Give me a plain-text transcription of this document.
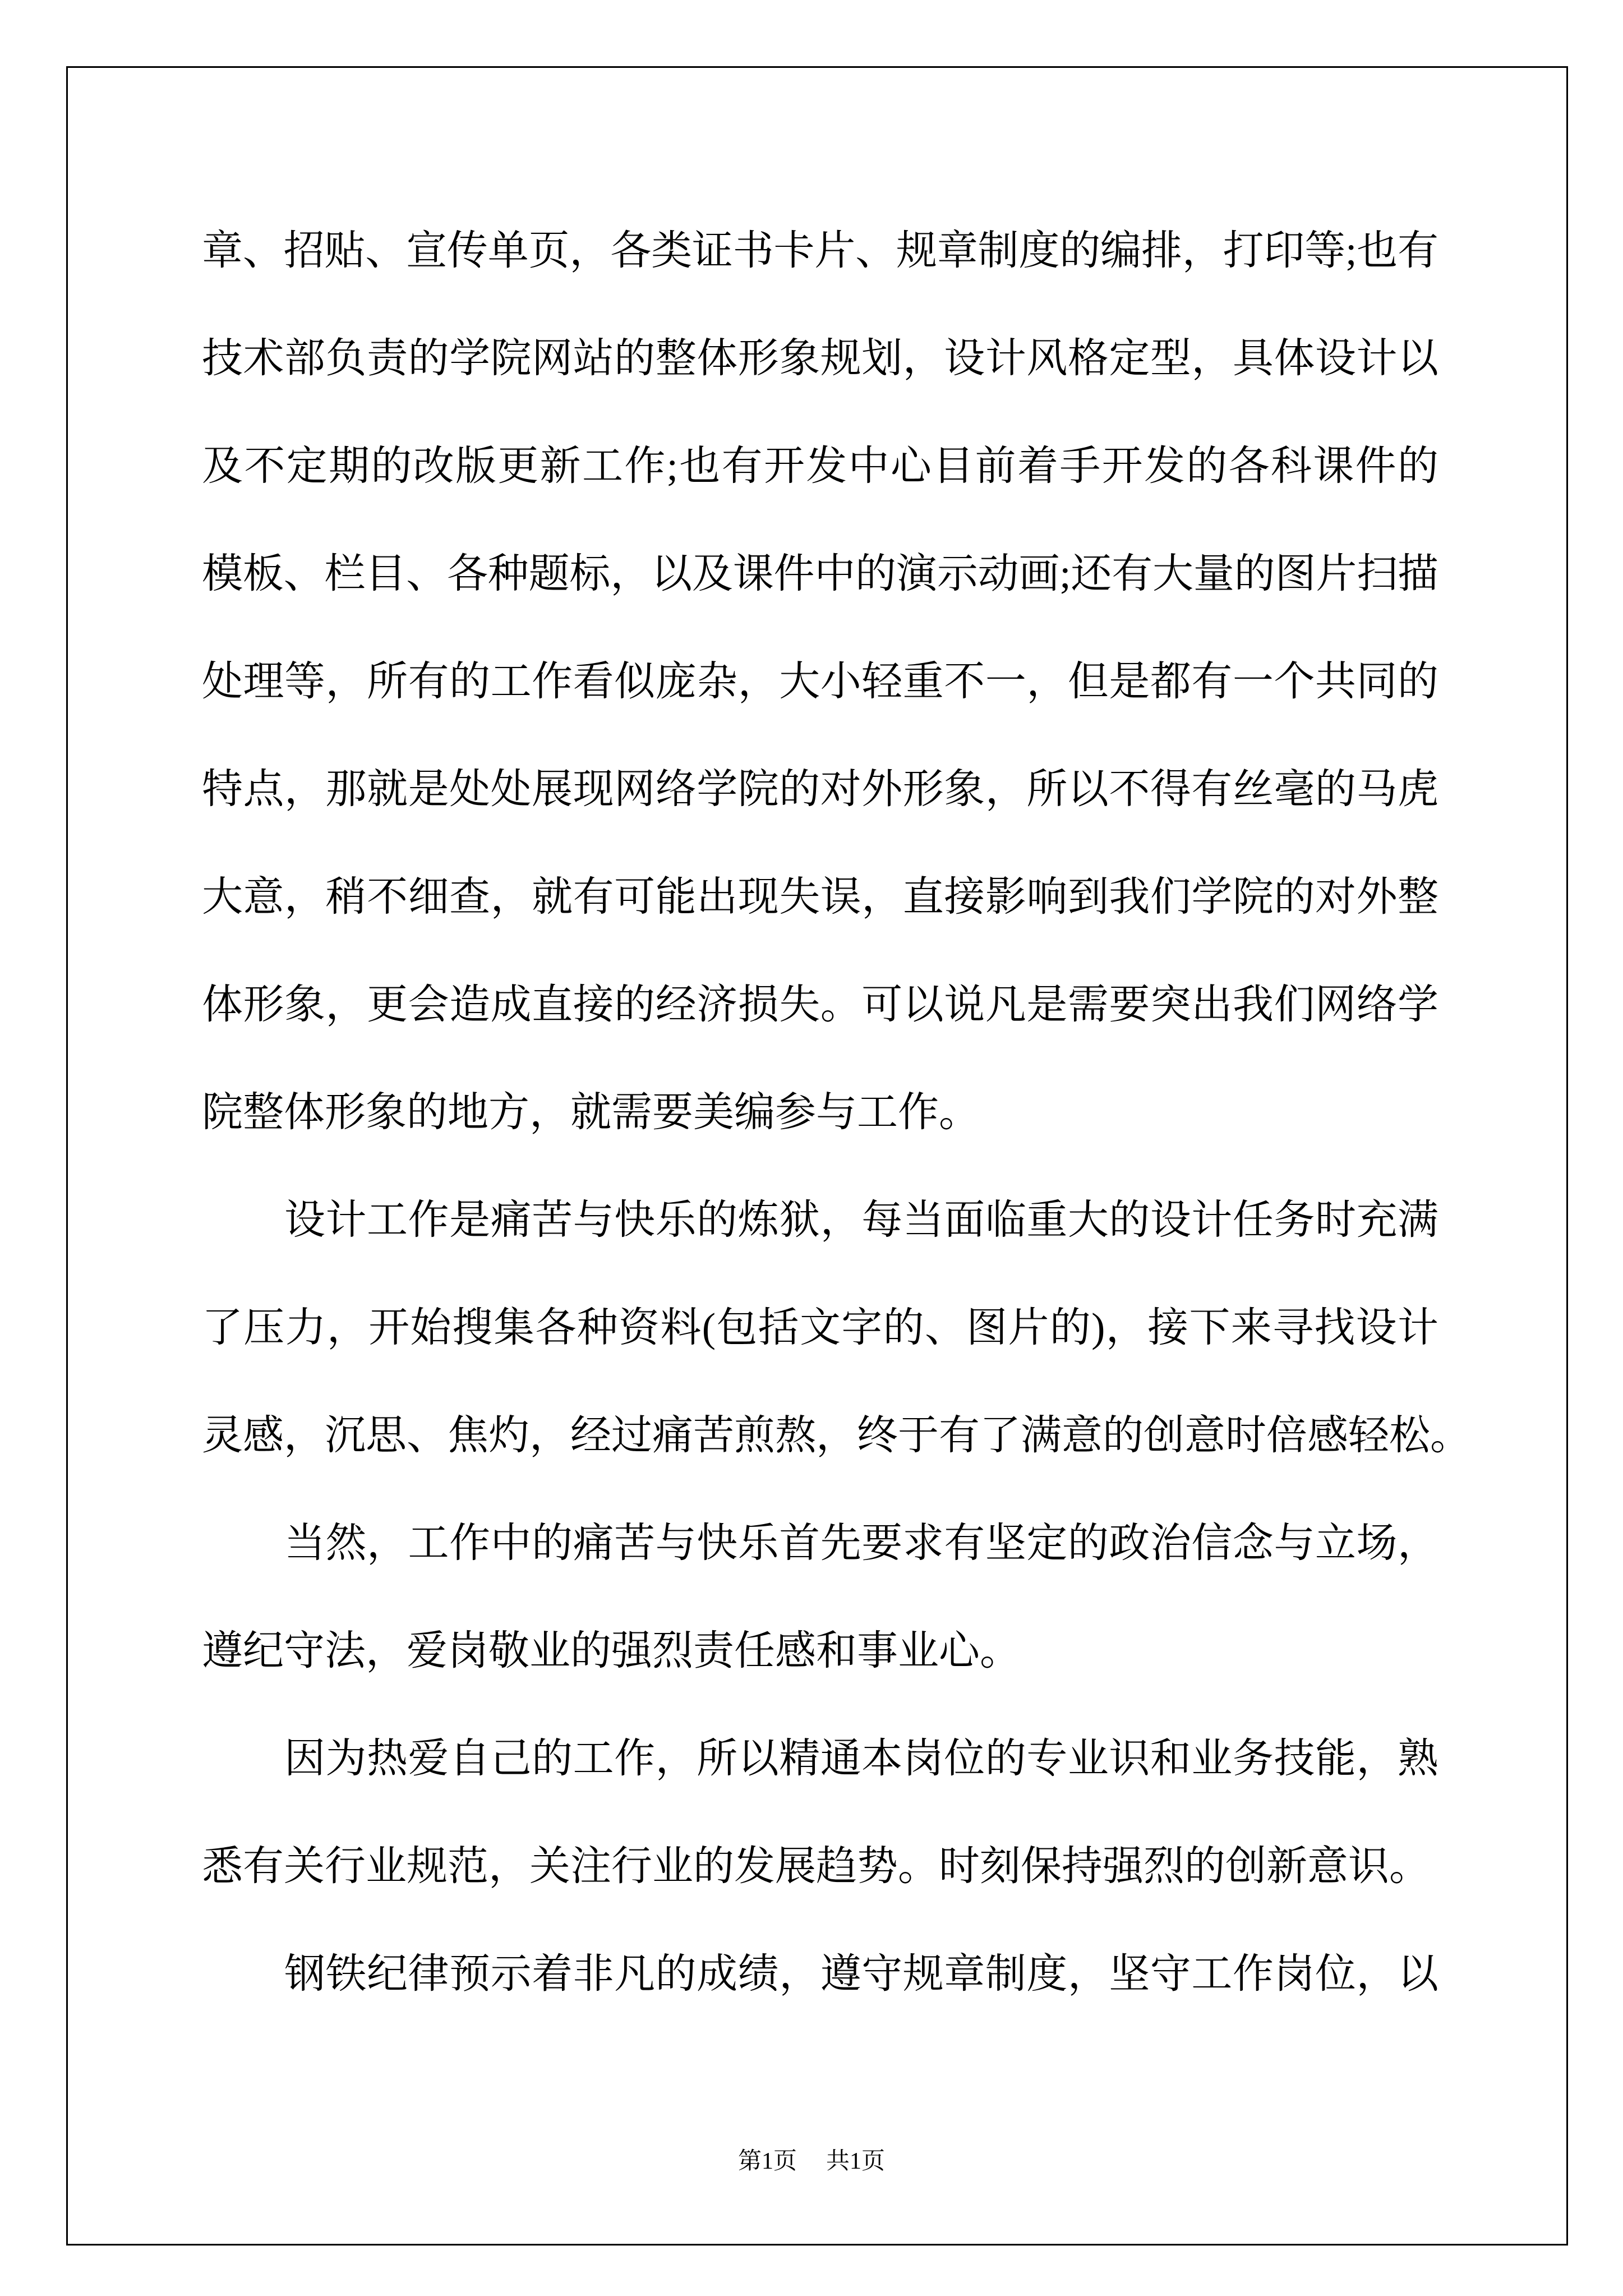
章、招贴、宣传单页，各类证书卡片、规章制度的编排，打印等;也有
技术部负责的学院网站的整体形象规划，设计风格定型，具体设计以
及不定期的改版更新工作;也有开发中心目前着手开发的各科课件的
模板、栏目、各种题标，以及课件中的演示动画;还有大量的图片扫描
处理等，所有的工作看似庞杂，大小轻重不一，但是都有一个共同的
特点，那就是处处展现网络学院的对外形象，所以不得有丝毫的马虎
大意，稍不细查，就有可能出现失误，直接影响到我们学院的对外整
体形象，更会造成直接的经济损失。可以说凡是需要突出我们网络学
院整体形象的地方，就需要美编参与工作。
设计工作是痛苦与快乐的炼狱，每当面临重大的设计任务时充满
了压力，开始搜集各种资料(包括文字的、图片的)，接下来寻找设计
灵感，沉思、焦灼，经过痛苦煎熬，终于有了满意的创意时倍感轻松。
当然，工作中的痛苦与快乐首先要求有坚定的政治信念与立场，
遵纪守法，爱岗敬业的强烈责任感和事业心。
因为热爱自己的工作，所以精通本岗位的专业识和业务技能，熟
悉有关行业规范，关注行业的发展趋势。时刻保持强烈的创新意识。
钢铁纪律预示着非凡的成绩，遵守规章制度，坚守工作岗位，以
第1页 共1页
